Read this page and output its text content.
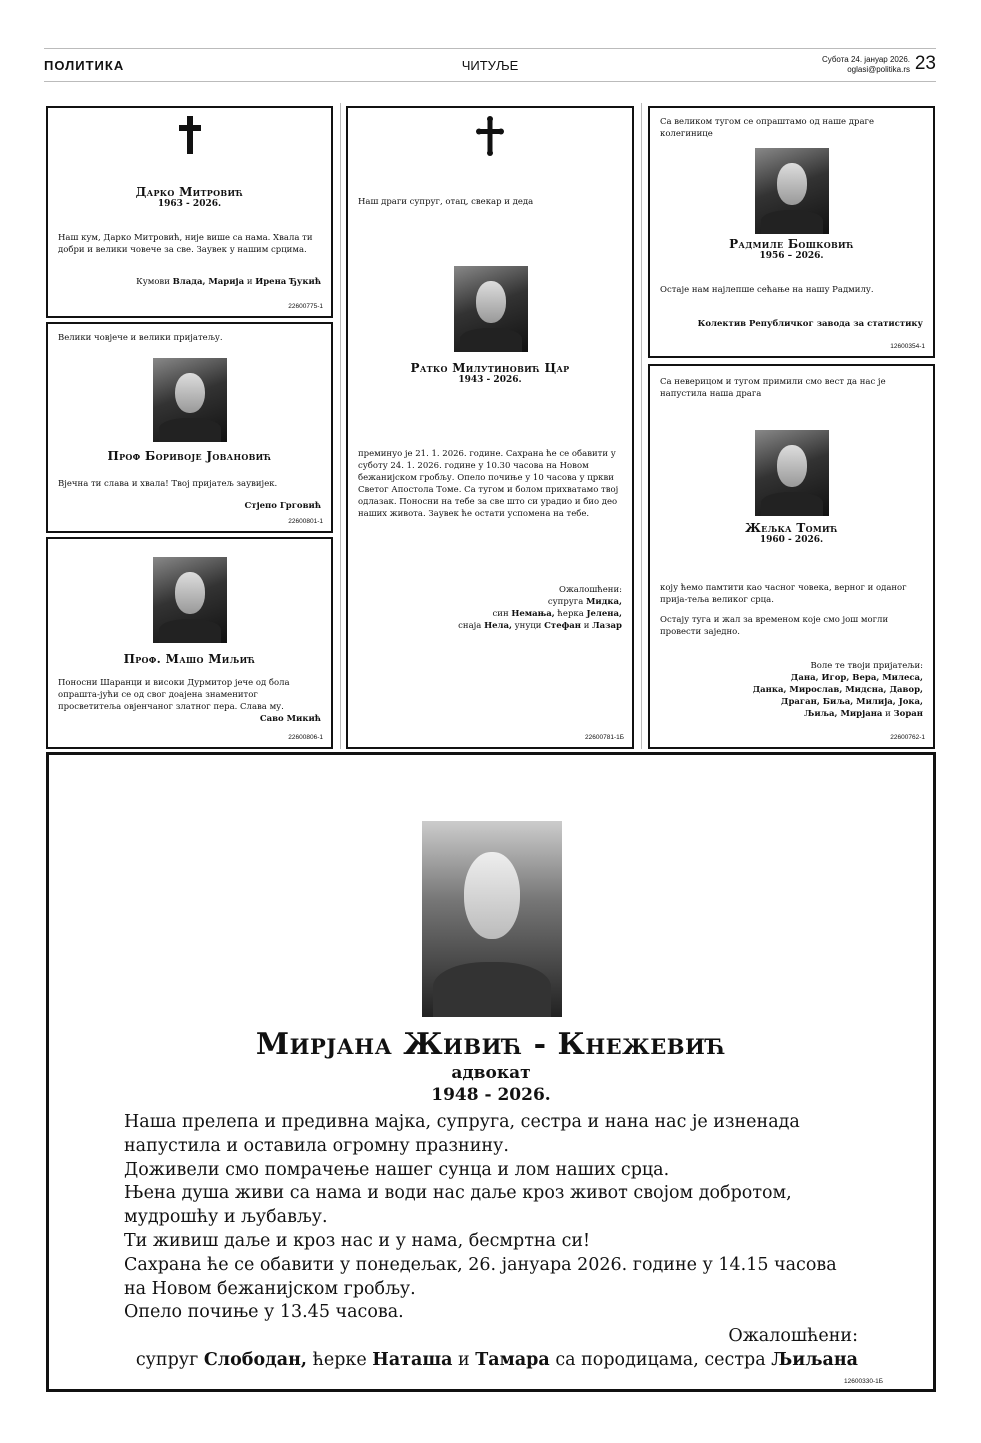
ПОЛИТИКА	ЧИТУЉЕ	Субота 24. јануар 2026.
oglasi@politika.rs 23
Дарко Митровић
1963 - 2026.
Наш кум, Дарко Митровић, није више са нама. Хвала ти добри и велики човече за све. Заувек у нашим срцима.
Кумови Влада, Марија и Ирена Ђукић
22600775-1
Велики човјече и велики пријатељу.
Проф Боривоје Јовановић
Вјечна ти слава и хвала! Твој пријатељ заувијек.
Стјепо Грговић
22600801-1
Проф. Машо Миљић
Поносни Шаранци и високи Дурмитор јече од бола опрашта-јући се од свог доајена знаменитог просветитеља овјенчаног златног пера. Слава му.
Саво Микић
22600806-1
Наш драги супруг, отац, свекар и деда
Ратко Милутиновић Цар
1943 - 2026.
преминуо је 21. 1. 2026. године. Сахрана ће се обавити у суботу 24. 1. 2026. године у 10.30 часова на Новом бежанијском гробљу. Опело почиње у 10 часова у цркви Светог Апостола Томе. Са тугом и болом прихватамо твој одлазак. Поносни на тебе за све што си урадио и био део наших живота. Заувек ће остати успомена на тебе.
Ожалошћени:
супруга Мидка,
син Немања, ћерка Јелена,
снаја Нела, унуци Стефан и Лазар
22600781-1Б
Са великом тугом се опраштамо од наше драге колегинице
Радмиле Бошковић
1956 – 2026.
Остаје нам најлепше сећање на нашу Радмилу.
Колектив Републичког завода за статистику
12600354-1
Са неверицом и тугом примили смо вест да нас је напустила наша драга
Жељка Томић
1960 - 2026.
коју ћемо памтити као часног човека, верног и оданог прија-теља великог срца.
Остају туга и жал за временом које смо још могли провести заједно.
Воле те твоји пријатељи:
Дана, Игор, Вера, Милеса,
Данка, Мирослав, Мидсна, Давор,
Драган, Биља, Милија, Јока,
Љиља, Мирјана и Зоран
22600762-1
Мирјана Живић - Кнежевић
адвокат
1948 - 2026.

Наша прелепа и предивна мајка, супруга, сестра и нана нас је изненада напустила и оставила огромну празнину.

Доживели смо помрачење нашег сунца и лом наших срца.

Њена душа живи са нама и води нас даље кроз живот својом добротом, мудрошћу и љубављу.

Ти живиш даље и кроз нас и у нама, бесмртна си!

Сахрана ће се обавити у понедељак, 26. јануара 2026. године у 14.15 часова на Новом бежанијском гробљу.

Опело почиње у 13.45 часова.

Ожалошћени:

супруг Слободан, ћерке Наташа и Тамара са породицама, сестра Љиљана

12600330-1Б
